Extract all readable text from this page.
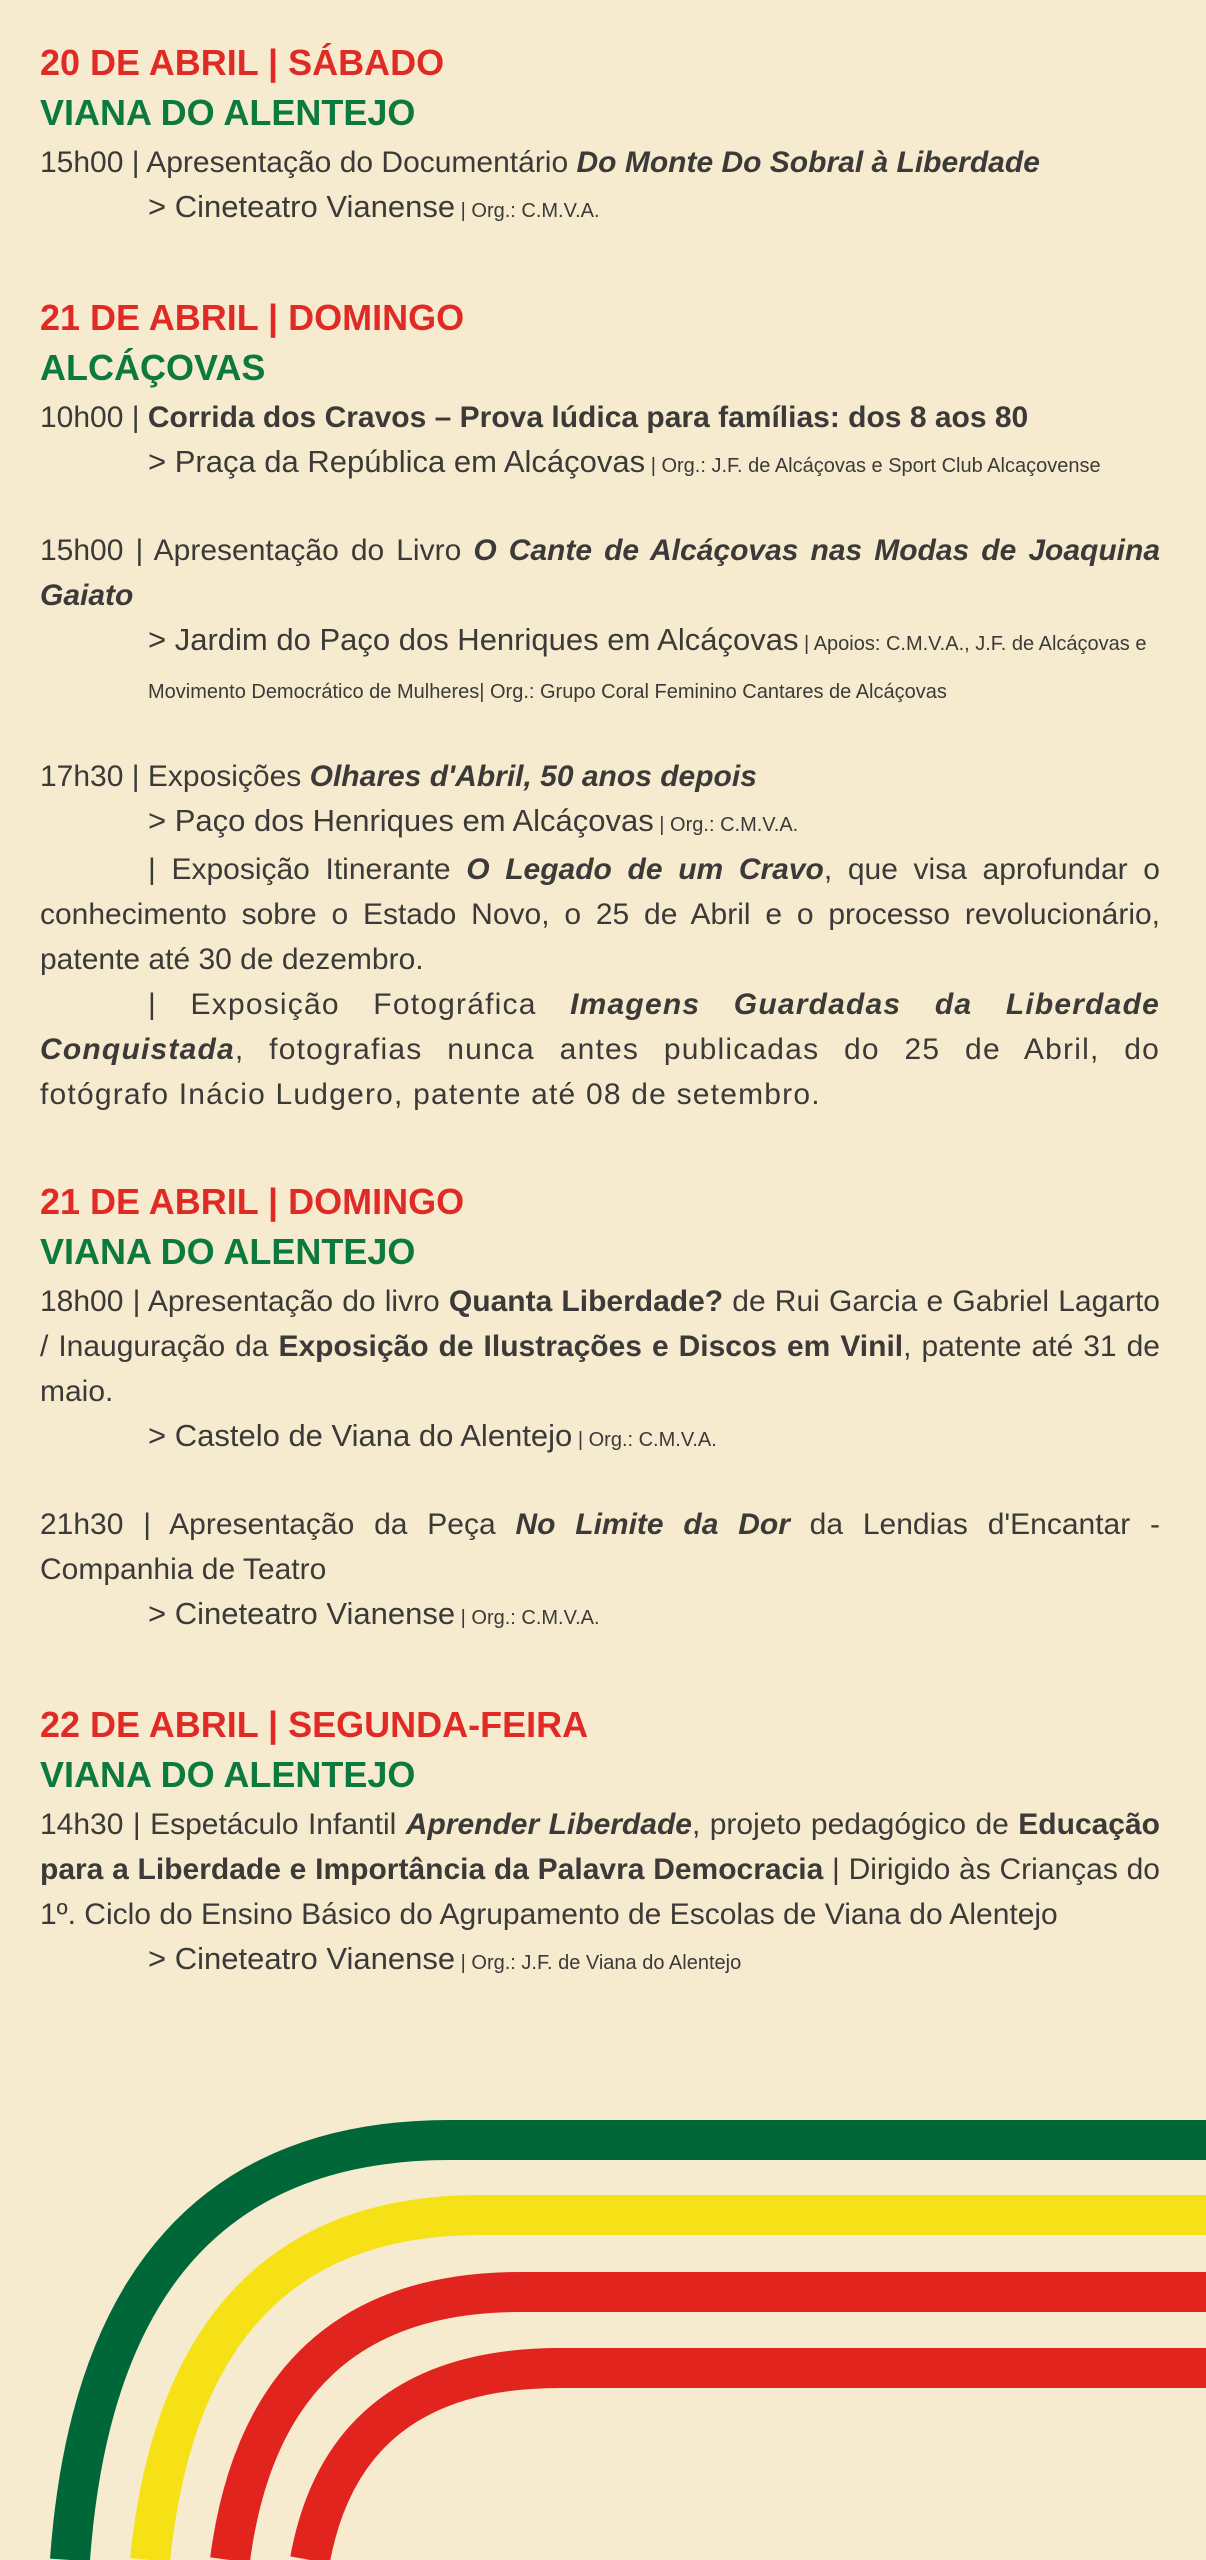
20 DE ABRIL | SÁBADO

VIANA DO ALENTEJO

15h00 | Apresentação do Documentário Do Monte Do Sobral à Liberdade

> Cineteatro Vianense | Org.: C.M.V.A.

21 DE ABRIL | DOMINGO

ALCÁÇOVAS

10h00 | Corrida dos Cravos – Prova lúdica para famílias: dos 8 aos 80

> Praça da República em Alcáçovas | Org.: J.F. de Alcáçovas e Sport Club Alcaçovense

15h00 | Apresentação do Livro O Cante de Alcáçovas nas Modas de Joaquina Gaiato

> Jardim do Paço dos Henriques em Alcáçovas | Apoios: C.M.V.A., J.F. de Alcáçovas e Movimento Democrático de Mulheres| Org.: Grupo Coral Feminino Cantares de Alcáçovas

17h30 | Exposições Olhares d'Abril, 50 anos depois

> Paço dos Henriques em Alcáçovas | Org.: C.M.V.A.

| Exposição Itinerante O Legado de um Cravo, que visa aprofundar o conhecimento sobre o Estado Novo, o 25 de Abril e o processo revolucionário, patente até 30 de dezembro.

| Exposição Fotográfica Imagens Guardadas da Liberdade Conquistada, fotografias nunca antes publicadas do 25 de Abril, do fotógrafo Inácio Ludgero, patente até 08 de setembro.

21 DE ABRIL | DOMINGO

VIANA DO ALENTEJO

18h00 | Apresentação do livro Quanta Liberdade? de Rui Garcia e Gabriel Lagarto / Inauguração da Exposição de Ilustrações e Discos em Vinil, patente até 31 de maio.

> Castelo de Viana do Alentejo | Org.: C.M.V.A.

21h30 | Apresentação da Peça No Limite da Dor da Lendias d'Encantar - Companhia de Teatro

> Cineteatro Vianense | Org.: C.M.V.A.

22 DE ABRIL | SEGUNDA-FEIRA

VIANA DO ALENTEJO

14h30 | Espetáculo Infantil Aprender Liberdade, projeto pedagógico de Educação para a Liberdade e Importância da Palavra Democracia | Dirigido às Crianças do 1º. Ciclo do Ensino Básico do Agrupamento de Escolas de Viana do Alentejo

> Cineteatro Vianense | Org.: J.F. de Viana do Alentejo
